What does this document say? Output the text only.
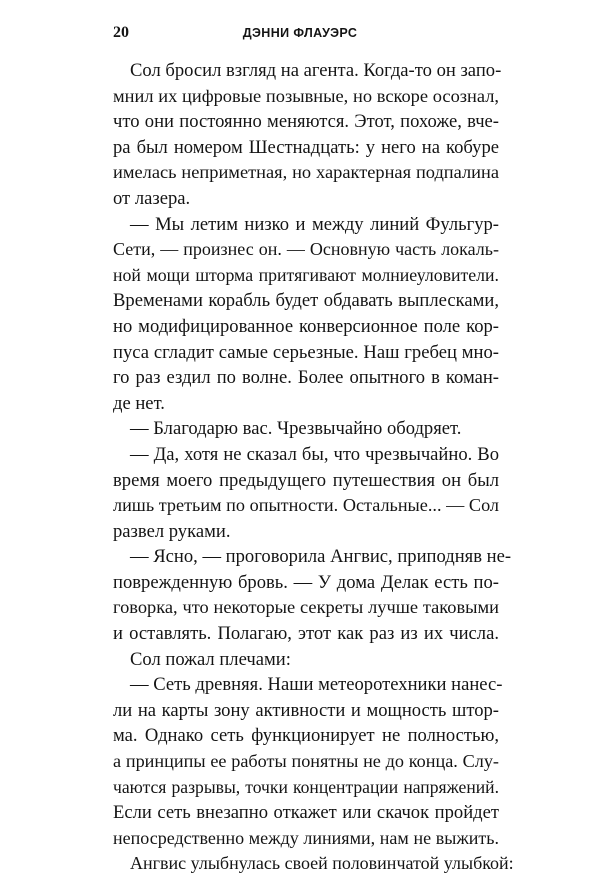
20	ДЭННИ ФЛАУЭРС
Сол бросил взгляд на агента. Когда-то он запо-
мнил их цифровые позывные, но вскоре осознал,
что они постоянно меняются. Этот, похоже, вче-
ра был номером Шестнадцать: у него на кобуре
имелась неприметная, но характерная подпалина
от лазера.
— Мы летим низко и между линий Фульгур-
Сети, — произнес он. — Основную часть локаль-
ной мощи шторма притягивают молниеуловители.
Временами корабль будет обдавать выплесками,
но модифицированное конверсионное поле кор-
пуса сгладит самые серьезные. Наш гребец мно-
го раз ездил по волне. Более опытного в коман-
де нет.
— Благодарю вас. Чрезвычайно ободряет.
— Да, хотя не сказал бы, что чрезвычайно. Во
время моего предыдущего путешествия он был
лишь третьим по опытности. Остальные... — Сол
развел руками.
— Ясно, — проговорила Ангвис, приподняв не-
поврежденную бровь. — У дома Делак есть по-
говорка, что некоторые секреты лучше таковыми
и оставлять. Полагаю, этот как раз из их числа.
Сол пожал плечами:
— Сеть древняя. Наши метеоротехники нанес-
ли на карты зону активности и мощность штор-
ма. Однако сеть функционирует не полностью,
а принципы ее работы понятны не до конца. Слу-
чаются разрывы, точки концентрации напряжений.
Если сеть внезапно откажет или скачок пройдет
непосредственно между линиями, нам не выжить.
Ангвис улыбнулась своей половинчатой улыбкой:
